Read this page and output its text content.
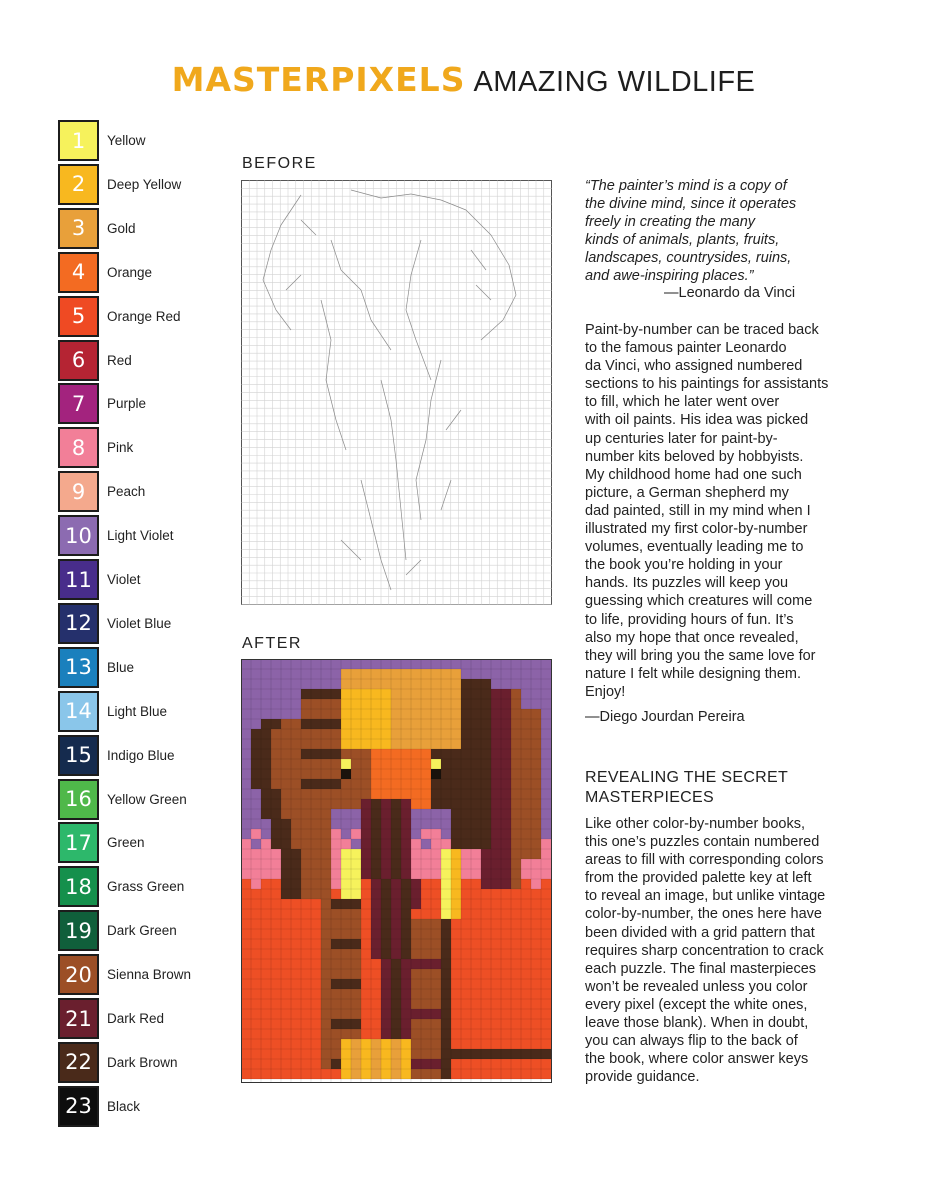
MASTERPIXELS AMAZING WILDLIFE
1	Yellow
2	Deep Yellow
3	Gold
4	Orange
5	Orange Red
6	Red
7	Purple
8	Pink
9	Peach
10	Light Violet
11	Violet
12	Violet Blue
13	Blue
14	Light Blue
15	Indigo Blue
16	Yellow Green
17	Green
18	Grass Green
19	Dark Green
20	Sienna Brown
21	Dark Red
22	Dark Brown
23	Black
BEFORE
AFTER
“The painter’s mind is a copy of
the divine mind, since it operates
freely in creating the many
kinds of animals, plants, fruits,
landscapes, countrysides, ruins,
and awe-inspiring places.”
—Leonardo da Vinci
Paint-by-number can be traced back
to the famous painter Leonardo
da Vinci, who assigned numbered
sections to his paintings for assistants
to fill, which he later went over
with oil paints. His idea was picked
up centuries later for paint-by-
number kits beloved by hobbyists.
My childhood home had one such
picture, a German shepherd my
dad painted, still in my mind when I
illustrated my first color-by-number
volumes, eventually leading me to
the book you’re holding in your
hands. Its puzzles will keep you
guessing which creatures will come
to life, providing hours of fun. It’s
also my hope that once revealed,
they will bring you the same love for
nature I felt while designing them.
Enjoy!
—Diego Jourdan Pereira
REVEALING THE SECRET
MASTERPIECES
Like other color-by-number books,
this one’s puzzles contain numbered
areas to fill with corresponding colors
from the provided palette key at left
to reveal an image, but unlike vintage
color-by-number, the ones here have
been divided with a grid pattern that
requires sharp concentration to crack
each puzzle. The final masterpieces
won’t be revealed unless you color
every pixel (except the white ones,
leave those blank). When in doubt,
you can always flip to the back of
the book, where color answer keys
provide guidance.
